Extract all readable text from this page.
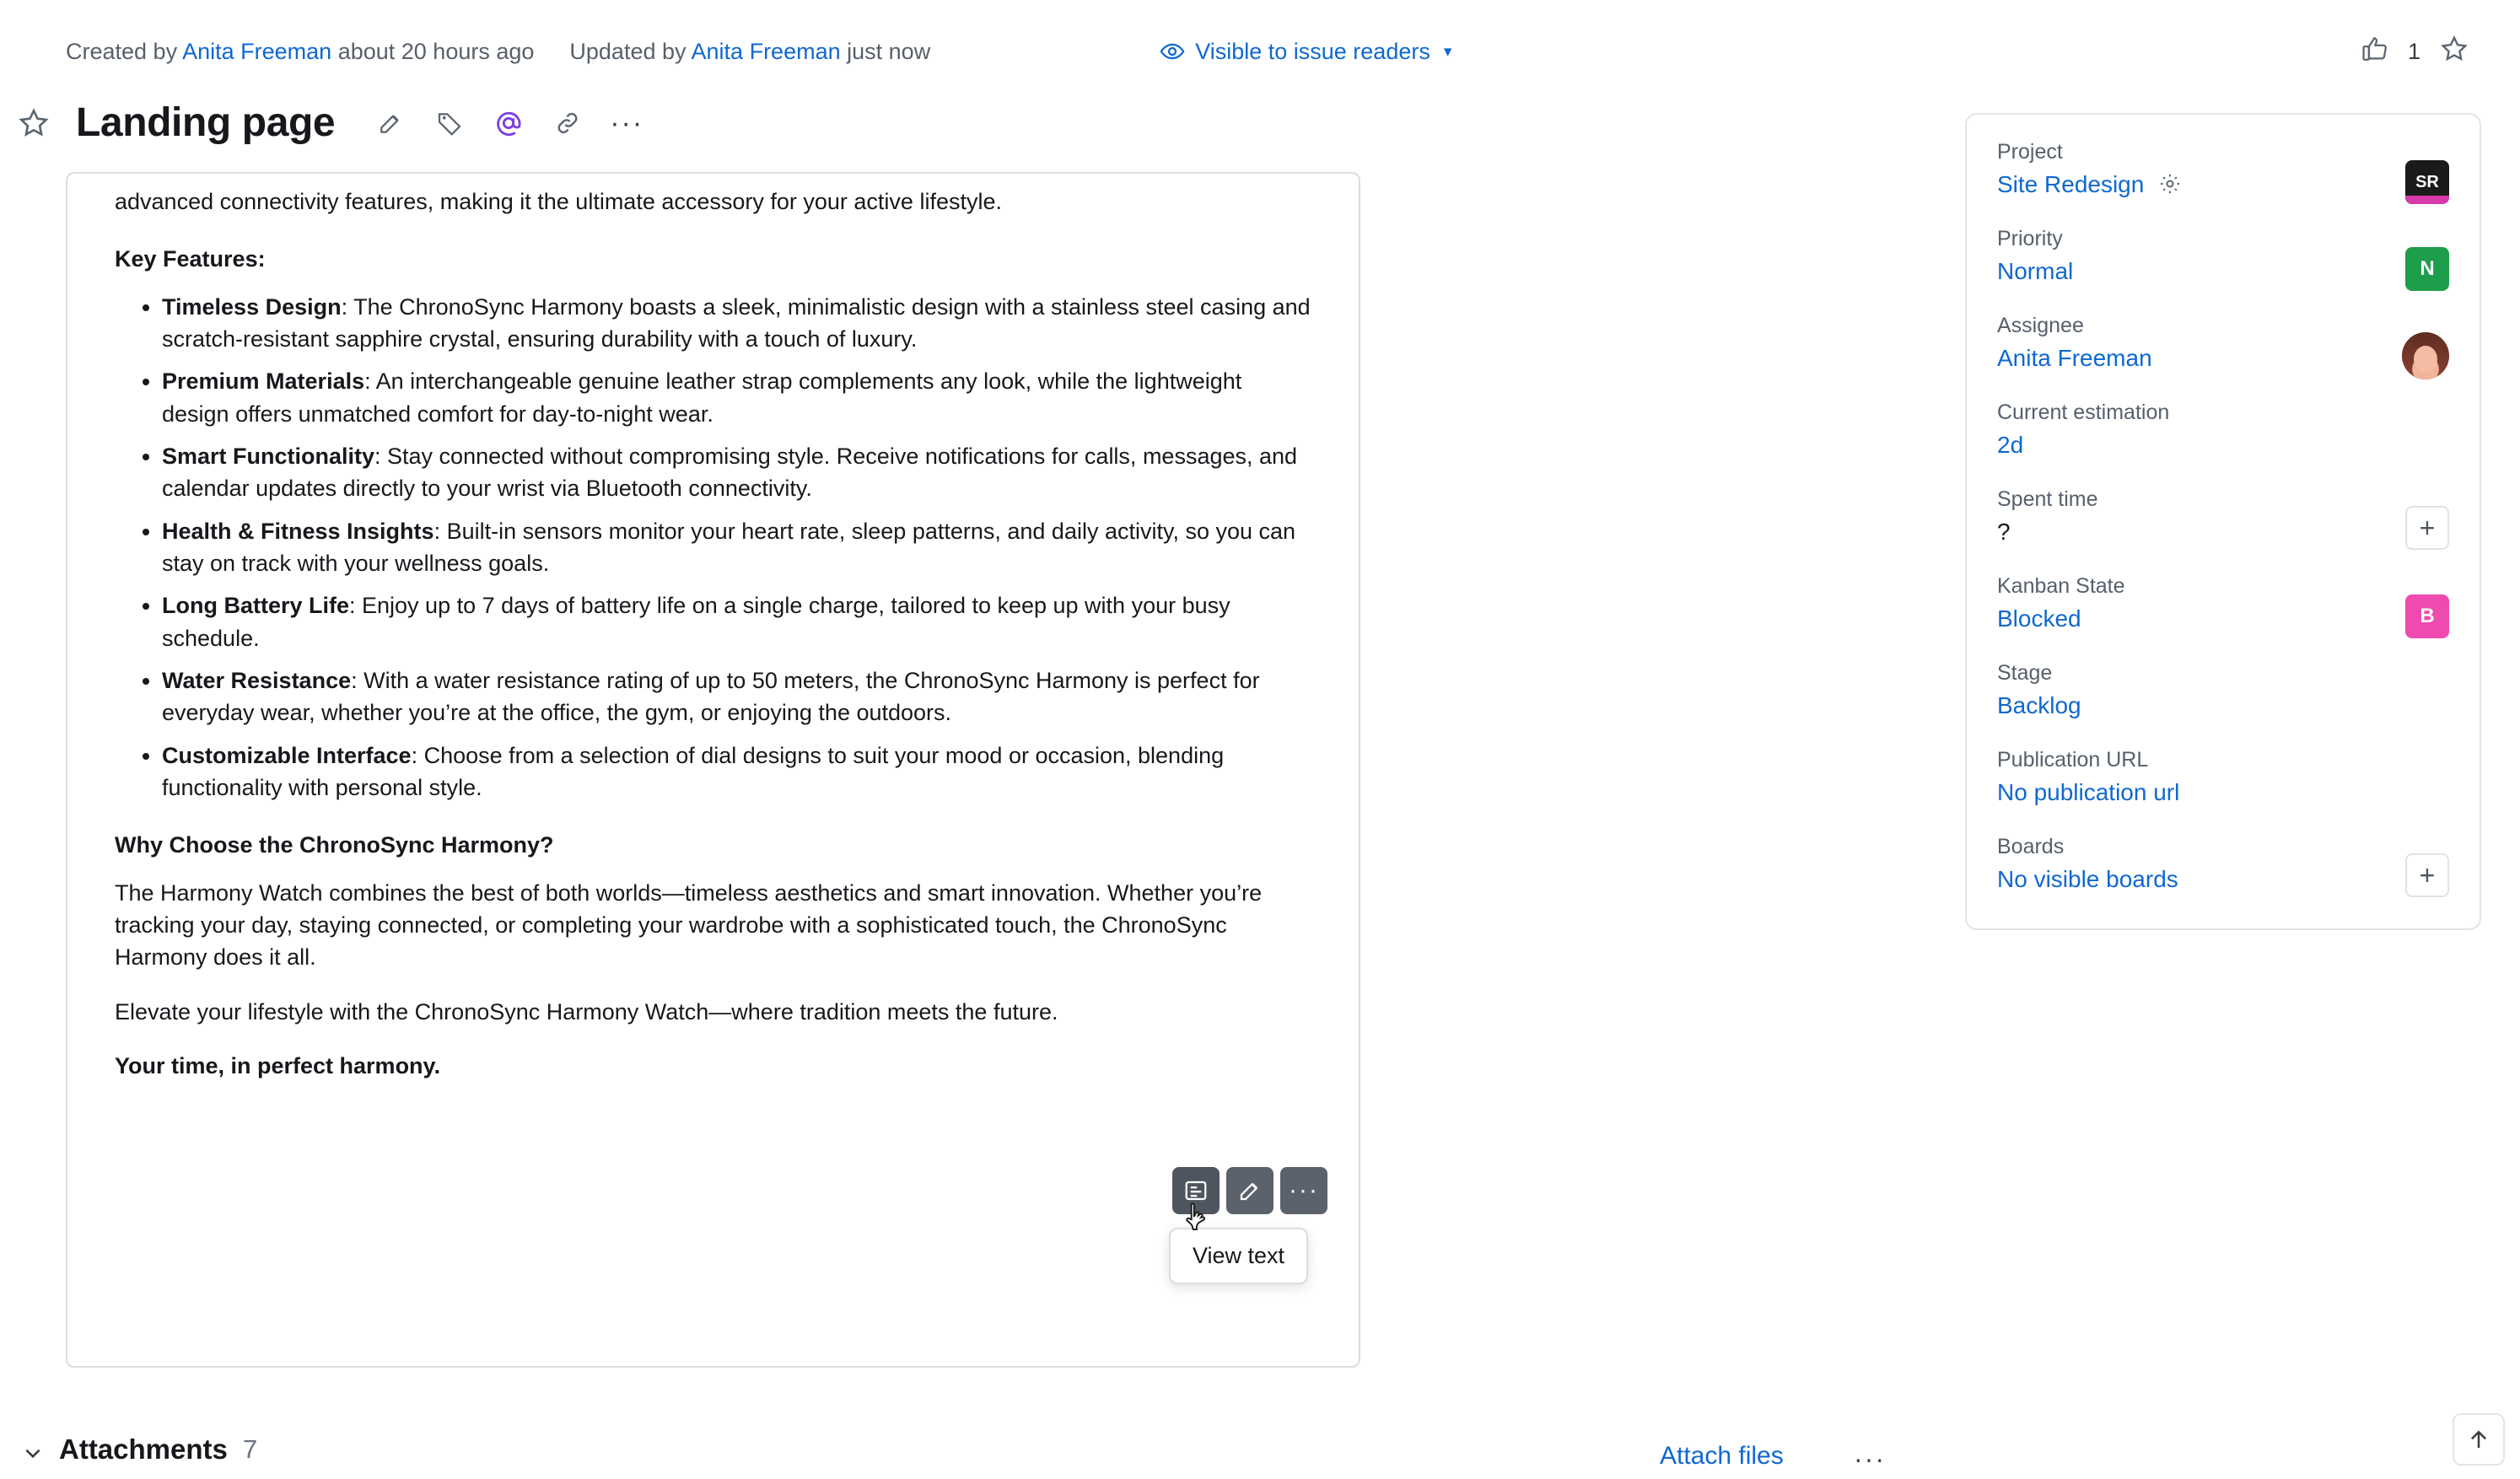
Created by Anita Freeman about 20 hours ago Updated by Anita Freeman just now	Visible to issue readers ▾	1
Landing page	···

advanced connectivity features, making it the ultimate accessory for your active lifestyle.

Key Features:
• Timeless Design: The ChronoSync Harmony boasts a sleek, minimalistic design with a stainless steel casing and scratch-resistant sapphire crystal, ensuring durability with a touch of luxury.
• Premium Materials: An interchangeable genuine leather strap complements any look, while the lightweight design offers unmatched comfort for day-to-night wear.
• Smart Functionality: Stay connected without compromising style. Receive notifications for calls, messages, and calendar updates directly to your wrist via Bluetooth connectivity.
• Health & Fitness Insights: Built-in sensors monitor your heart rate, sleep patterns, and daily activity, so you can stay on track with your wellness goals.
• Long Battery Life: Enjoy up to 7 days of battery life on a single charge, tailored to keep up with your busy schedule.
• Water Resistance: With a water resistance rating of up to 50 meters, the ChronoSync Harmony is perfect for everyday wear, whether you’re at the office, the gym, or enjoying the outdoors.
• Customizable Interface: Choose from a selection of dial designs to suit your mood or occasion, blending functionality with personal style.
Why Choose the ChronoSync Harmony?

The Harmony Watch combines the best of both worlds—timeless aesthetics and smart innovation. Whether you’re tracking your day, staying connected, or completing your wardrobe with a sophisticated touch, the ChronoSync Harmony does it all.

Elevate your lifestyle with the ChronoSync Harmony Watch—where tradition meets the future.

Your time, in perfect harmony.

···
View text
Project
Site Redesign	SR
Priority
Normal	N
Assignee
Anita Freeman
Current estimation
2d
Spent time
?	+
Kanban State
Blocked	B
Stage
Backlog
Publication URL
No publication url
Boards
No visible boards	+
Attachments 7	Attach files	···
